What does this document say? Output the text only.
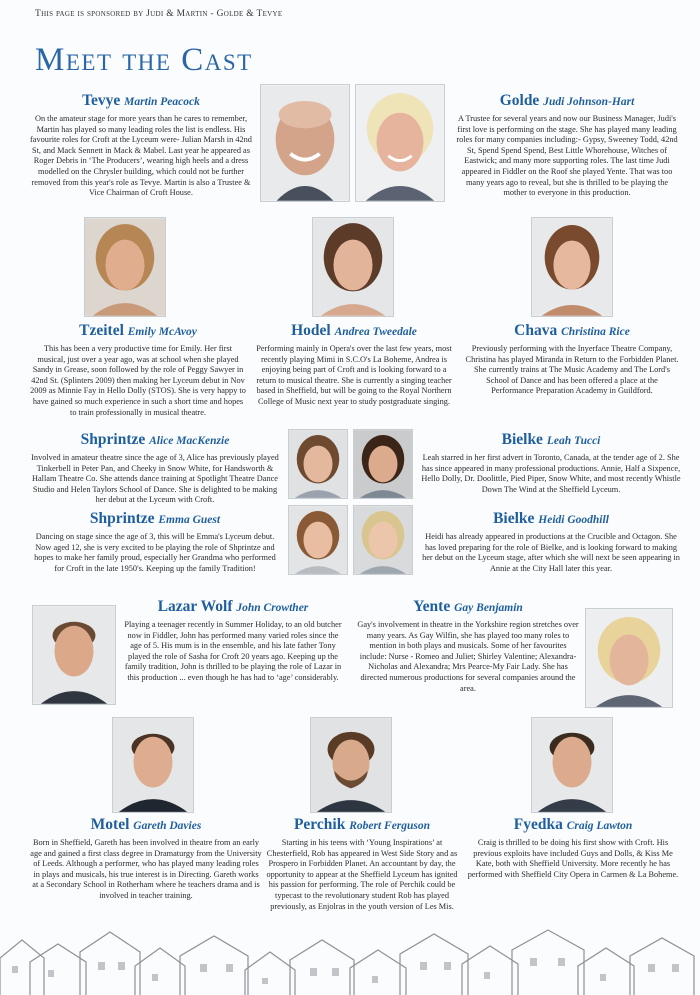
This page is sponsored by Judi & Martin - Golde & Tevye
Meet the Cast
Tevye Martin Peacock
On the amateur stage for more years than he cares to remember, Martin has played so many leading roles the list is endless. His favourite roles for Croft at the Lyceum were- Julian Marsh in 42nd St, and Mack Sennett in Mack & Mabel. Last year he appeared as Roger Debris in ‘The Producers’, wearing high heels and a dress modelled on the Chrysler building, which could not be further removed from this year's role as Tevye. Martin is also a Trustee & Vice Chairman of Croft House.
Golde Judi Johnson-Hart
A Trustee for several years and now our Business Manager, Judi's first love is performing on the stage. She has played many leading roles for many companies including:- Gypsy, Sweeney Todd, 42nd St, Spend Spend Spend, Best Little Whorehouse, Witches of Eastwick; and many more supporting roles. The last time Judi appeared in Fiddler on the Roof she played Yente. That was too many years ago to reveal, but she is thrilled to be playing the mother to everyone in this production.
Tzeitel Emily McAvoy
This has been a very productive time for Emily. Her first musical, just over a year ago, was at school when she played Sandy in Grease, soon followed by the role of Peggy Sawyer in 42nd St. (Splinters 2009) then making her Lyceum debut in Nov 2009 as Minnie Fay in Hello Dolly (STOS). She is very happy to have gained so much experience in such a short time and hopes to train professionally in musical theatre.
Hodel Andrea Tweedale
Performing mainly in Opera's over the last few years, most recently playing Mimi in S.C.O's La Boheme, Andrea is enjoying being part of Croft and is looking forward to a return to musical theatre. She is currently a singing teacher based in Sheffield, but will be going to the Royal Northern College of Music next year to study postgraduate singing.
Chava Christina Rice
Previously performing with the Inyerface Theatre Company, Christina has played Miranda in Return to the Forbidden Planet. She currently trains at The Music Academy and The Lord's School of Dance and has been offered a place at the Performance Preparation Academy in Guildford.
Shprintze Alice MacKenzie
Involved in amateur theatre since the age of 3, Alice has previously played Tinkerbell in Peter Pan, and Cheeky in Snow White, for Handsworth & Hallam Theatre Co. She attends dance training at Spotlight Theatre Dance Studio and Helen Taylors School of Dance. She is delighted to be making her debut at the Lyceum with Croft.
Bielke Leah Tucci
Leah starred in her first advert in Toronto, Canada, at the tender age of 2. She has since appeared in many professional productions. Annie, Half a Sixpence, Hello Dolly, Dr. Doolittle, Pied Piper, Snow White, and most recently Whistle Down The Wind at the Sheffield Lyceum.
Shprintze Emma Guest
Dancing on stage since the age of 3, this will be Emma's Lyceum debut. Now aged 12, she is very excited to be playing the role of Shprintze and hopes to make her family proud, especially her Grandma who performed for Croft in the late 1950's. Keeping up the family Tradition!
Bielke Heidi Goodhill
Heidi has already appeared in productions at the Crucible and Octagon. She has loved preparing for the role of Bielke, and is looking forward to making her debut on the Lyceum stage, after which she will next be seen appearing in Annie at the City Hall later this year.
Lazar Wolf John Crowther
Playing a teenager recently in Summer Holiday, to an old butcher now in Fiddler, John has performed many varied roles since the age of 5. His mum is in the ensemble, and his late father Tony played the role of Sasha for Croft 20 years ago. Keeping up the family tradition, John is thrilled to be playing the role of Lazar in this production ... even though he has had to ‘age’ considerably.
Yente Gay Benjamin
Gay's involvement in theatre in the Yorkshire region stretches over many years. As Gay Wilfin, she has played too many roles to mention in both plays and musicals. Some of her favourites include: Nurse - Romeo and Juliet; Shirley Valentine; Alexandra-Nicholas and Alexandra; Mrs Pearce-My Fair Lady. She has directed numerous productions for several companies around the area.
Motel Gareth Davies
Born in Sheffield, Gareth has been involved in theatre from an early age and gained a first class degree in Dramaturgy from the University of Leeds. Although a performer, who has played many leading roles in plays and musicals, his true interest is in Directing. Gareth works at a Secondary School in Rotherham where he teachers drama and is involved in teacher training.
Perchik Robert Ferguson
Starting in his teens with ‘Young Inspirations’ at Chesterfield, Rob has appeared in West Side Story and as Prospero in Forbidden Planet. An accountant by day, the opportunity to appear at the Sheffield Lyceum has ignited his passion for performing. The role of Perchik could be typecast to the revolutionary student Rob has played previously, as Enjolras in the youth version of Les Mis.
Fyedka Craig Lawton
Craig is thrilled to be doing his first show with Croft. His previous exploits have included Guys and Dolls, & Kiss Me Kate, both with Sheffield University. More recently he has performed with Sheffield City Opera in Carmen & La Boheme.
